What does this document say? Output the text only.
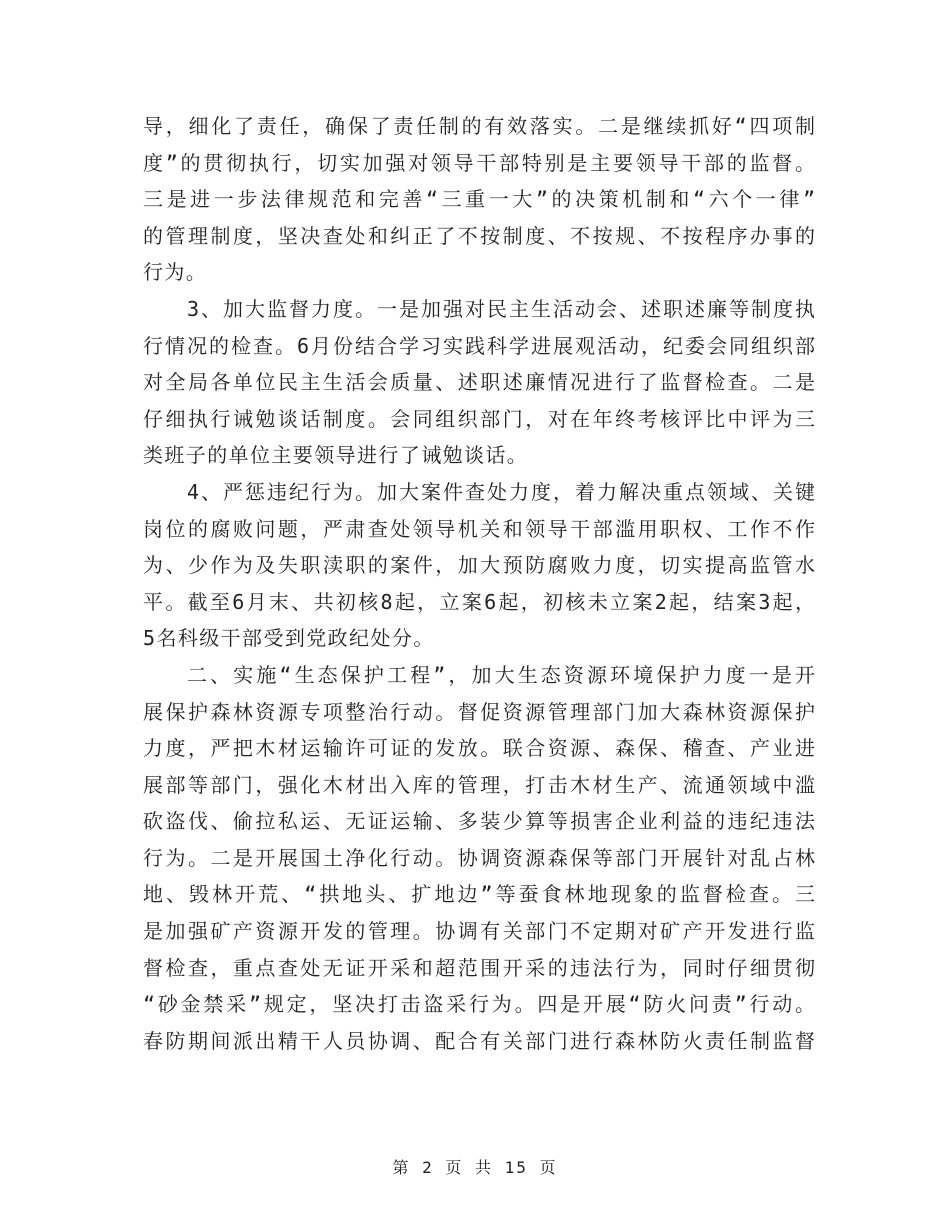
导，细化了责任，确保了责任制的有效落实。二是继续抓好“四项制
度”的贯彻执行，切实加强对领导干部特别是主要领导干部的监督。
三是进一步法律规范和完善“三重一大”的决策机制和“六个一律”
的管理制度，坚决查处和纠正了不按制度、不按规、不按程序办事的
行为。
3、加大监督力度。一是加强对民主生活动会、述职述廉等制度执
行情况的检查。6月份结合学习实践科学进展观活动，纪委会同组织部
对全局各单位民主生活会质量、述职述廉情况进行了监督检查。二是
仔细执行诫勉谈话制度。会同组织部门，对在年终考核评比中评为三
类班子的单位主要领导进行了诫勉谈话。
4、严惩违纪行为。加大案件查处力度，着力解决重点领域、关键
岗位的腐败问题，严肃查处领导机关和领导干部滥用职权、工作不作
为、少作为及失职渎职的案件，加大预防腐败力度，切实提高监管水
平。截至6月末、共初核8起，立案6起，初核未立案2起，结案3起，
5名科级干部受到党政纪处分。
二、实施“生态保护工程”，加大生态资源环境保护力度一是开
展保护森林资源专项整治行动。督促资源管理部门加大森林资源保护
力度，严把木材运输许可证的发放。联合资源、森保、稽查、产业进
展部等部门，强化木材出入库的管理，打击木材生产、流通领域中滥
砍盗伐、偷拉私运、无证运输、多装少算等损害企业利益的违纪违法
行为。二是开展国土净化行动。协调资源森保等部门开展针对乱占林
地、毁林开荒、“拱地头、扩地边”等蚕食林地现象的监督检查。三
是加强矿产资源开发的管理。协调有关部门不定期对矿产开发进行监
督检查，重点查处无证开采和超范围开采的违法行为，同时仔细贯彻
“砂金禁采”规定，坚决打击盗采行为。四是开展“防火问责”行动。
春防期间派出精干人员协调、配合有关部门进行森林防火责任制监督
第 2 页 共 15 页
